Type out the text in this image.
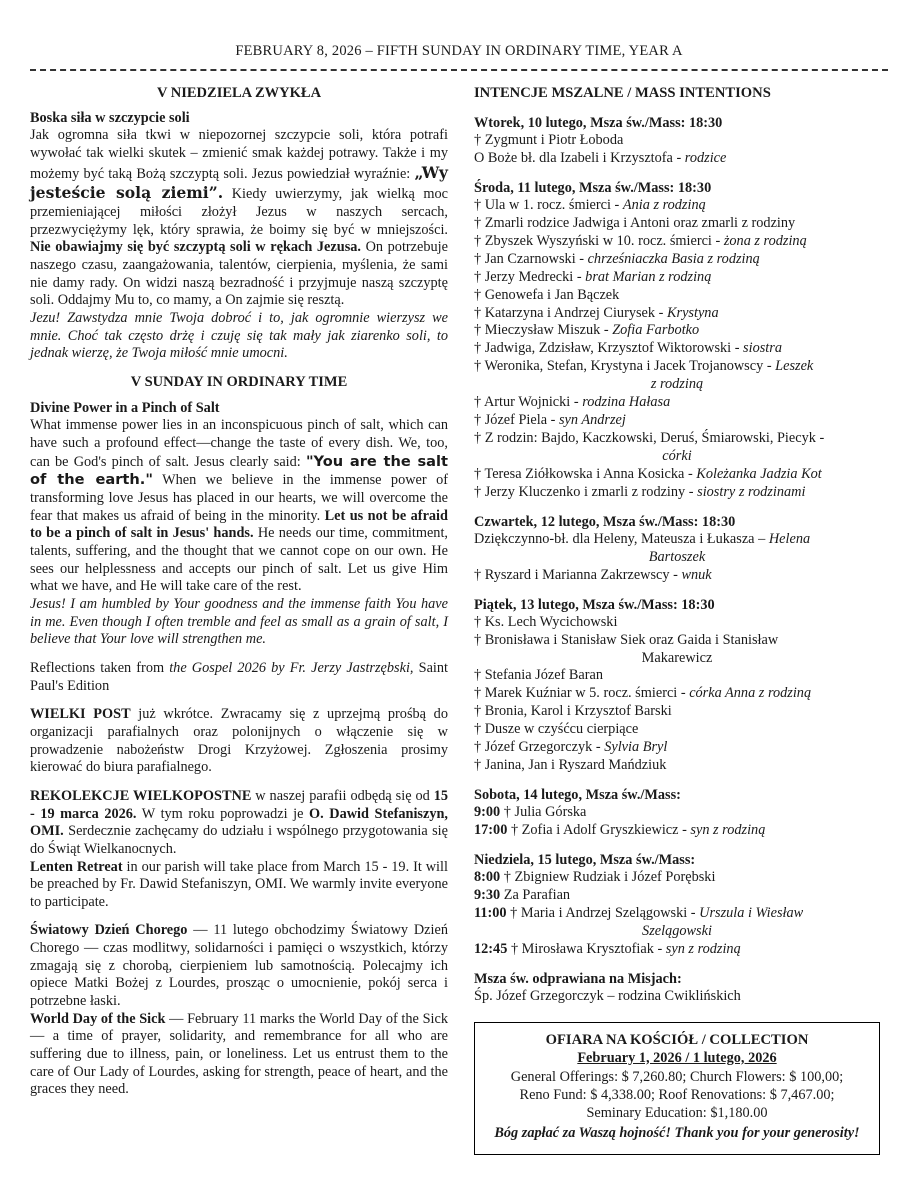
FEBRUARY 8, 2026 – FIFTH SUNDAY IN ORDINARY TIME, YEAR A
V NIEDZIELA ZWYKŁA
Boska siła w szczypcie soli

Jak ogromna siła tkwi w niepozornej szczypcie soli, która potrafi wywołać tak wielki skutek – zmienić smak każdej potrawy. Także i my możemy być taką Bożą szczyptą soli. Jezus powiedział wyraźnie: „Wy jesteście solą ziemi”. Kiedy uwierzymy, jak wielką moc przemieniającej miłości złożył Jezus w naszych sercach, przezwyciężymy lęk, który sprawia, że boimy się być w mniejszości. Nie obawiajmy się być szczyptą soli w rękach Jezusa. On potrzebuje naszego czasu, zaangażowania, talentów, cierpienia, myślenia, że sami nie damy rady. On widzi naszą bezradność i przyjmuje naszą szczyptę soli. Oddajmy Mu to, co mamy, a On zajmie się resztą.

Jezu! Zawstydza mnie Twoja dobroć i to, jak ogromnie wierzysz we mnie. Choć tak często drżę i czuję się tak mały jak ziarenko soli, to jednak wierzę, że Twoja miłość mnie umocni.

V SUNDAY IN ORDINARY TIME
Divine Power in a Pinch of Salt

What immense power lies in an inconspicuous pinch of salt, which can have such a profound effect—change the taste of every dish. We, too, can be God's pinch of salt. Jesus clearly said: "You are the salt of the earth." When we believe in the immense power of transforming love Jesus has placed in our hearts, we will overcome the fear that makes us afraid of being in the minority. Let us not be afraid to be a pinch of salt in Jesus' hands. He needs our time, commitment, talents, suffering, and the thought that we cannot cope on our own. He sees our helplessness and accepts our pinch of salt. Let us give Him what we have, and He will take care of the rest.

Jesus! I am humbled by Your goodness and the immense faith You have in me. Even though I often tremble and feel as small as a grain of salt, I believe that Your love will strengthen me.

Reflections taken from the Gospel 2026 by Fr. Jerzy Jastrzębski, Saint Paul's Edition

WIELKI POST już wkrótce. Zwracamy się z uprzejmą prośbą do organizacji parafialnych oraz polonijnych o włączenie się w prowadzenie nabożeństw Drogi Krzyżowej. Zgłoszenia prosimy kierować do biura parafialnego.

REKOLEKCJE WIELKOPOSTNE w naszej parafii odbędą się od 15 - 19 marca 2026. W tym roku poprowadzi je O. Dawid Stefaniszyn, OMI. Serdecznie zachęcamy do udziału i wspólnego przygotowania się do Świąt Wielkanocnych.

Lenten Retreat in our parish will take place from March 15 - 19. It will be preached by Fr. Dawid Stefaniszyn, OMI. We warmly invite everyone to participate.

Światowy Dzień Chorego — 11 lutego obchodzimy Światowy Dzień Chorego — czas modlitwy, solidarności i pamięci o wszystkich, którzy zmagają się z chorobą, cierpieniem lub samotnością. Polecajmy ich opiece Matki Bożej z Lourdes, prosząc o umocnienie, pokój serca i potrzebne łaski.

World Day of the Sick — February 11 marks the World Day of the Sick — a time of prayer, solidarity, and remembrance for all who are suffering due to illness, pain, or loneliness. Let us entrust them to the care of Our Lady of Lourdes, asking for strength, peace of heart, and the graces they need.

INTENCJE MSZALNE / MASS INTENTIONS
Wtorek, 10 lutego, Msza św./Mass: 18:30
† Zygmunt i Piotr Łoboda
O Boże bł. dla Izabeli i Krzysztofa - rodzice
Środa, 11 lutego, Msza św./Mass: 18:30
† Ula w 1. rocz. śmierci - Ania z rodziną
† Zmarli rodzice Jadwiga i Antoni oraz zmarli z rodziny
† Zbyszek Wyszyński w 10. rocz. śmierci - żona z rodziną
† Jan Czarnowski - chrześniaczka Basia z rodziną
† Jerzy Medrecki - brat Marian z rodziną
† Genowefa i Jan Bączek
† Katarzyna i Andrzej Ciurysek - Krystyna
† Mieczysław Miszuk - Zofia Farbotko
† Jadwiga, Zdzisław, Krzysztof Wiktorowski - siostra
† Weronika, Stefan, Krystyna i Jacek Trojanowscy - Leszek
z rodziną
† Artur Wojnicki - rodzina Hałasa
† Józef Piela - syn Andrzej
† Z rodzin: Bajdo, Kaczkowski, Deruś, Śmiarowski, Piecyk -
córki
† Teresa Ziółkowska i Anna Kosicka - Koleżanka Jadzia Kot
† Jerzy Kluczenko i zmarli z rodziny - siostry z rodzinami
Czwartek, 12 lutego, Msza św./Mass: 18:30
Dziękczynno-bł. dla Heleny, Mateusza i Łukasza – Helena
Bartoszek
† Ryszard i Marianna Zakrzewscy - wnuk
Piątek, 13 lutego, Msza św./Mass: 18:30
† Ks. Lech Wycichowski
† Bronisława i Stanisław Siek oraz Gaida i Stanisław
Makarewicz
† Stefania Józef Baran
† Marek Kuźniar w 5. rocz. śmierci - córka Anna z rodziną
† Bronia, Karol i Krzysztof Barski
† Dusze w czyśćcu cierpiące
† Józef Grzegorczyk - Sylvia Bryl
† Janina, Jan i Ryszard Mańdziuk
Sobota, 14 lutego, Msza św./Mass:
9:00 † Julia Górska
17:00 † Zofia i Adolf Gryszkiewicz - syn z rodziną
Niedziela, 15 lutego, Msza św./Mass:
8:00 † Zbigniew Rudziak i Józef Porębski
9:30 Za Parafian
11:00 † Maria i Andrzej Szelągowski - Urszula i Wiesław
Szelągowski
12:45 † Mirosława Krysztofiak - syn z rodziną
Msza św. odprawiana na Misjach:
Śp. Józef Grzegorczyk – rodzina Cwiklińskich
OFIARA NA KOŚCIÓŁ / COLLECTION
February 1, 2026 / 1 lutego, 2026
General Offerings: $ 7,260.80; Church Flowers: $ 100,00;
Reno Fund: $ 4,338.00; Roof Renovations: $ 7,467.00;
Seminary Education: $1,180.00
Bóg zapłać za Waszą hojność! Thank you for your generosity!
